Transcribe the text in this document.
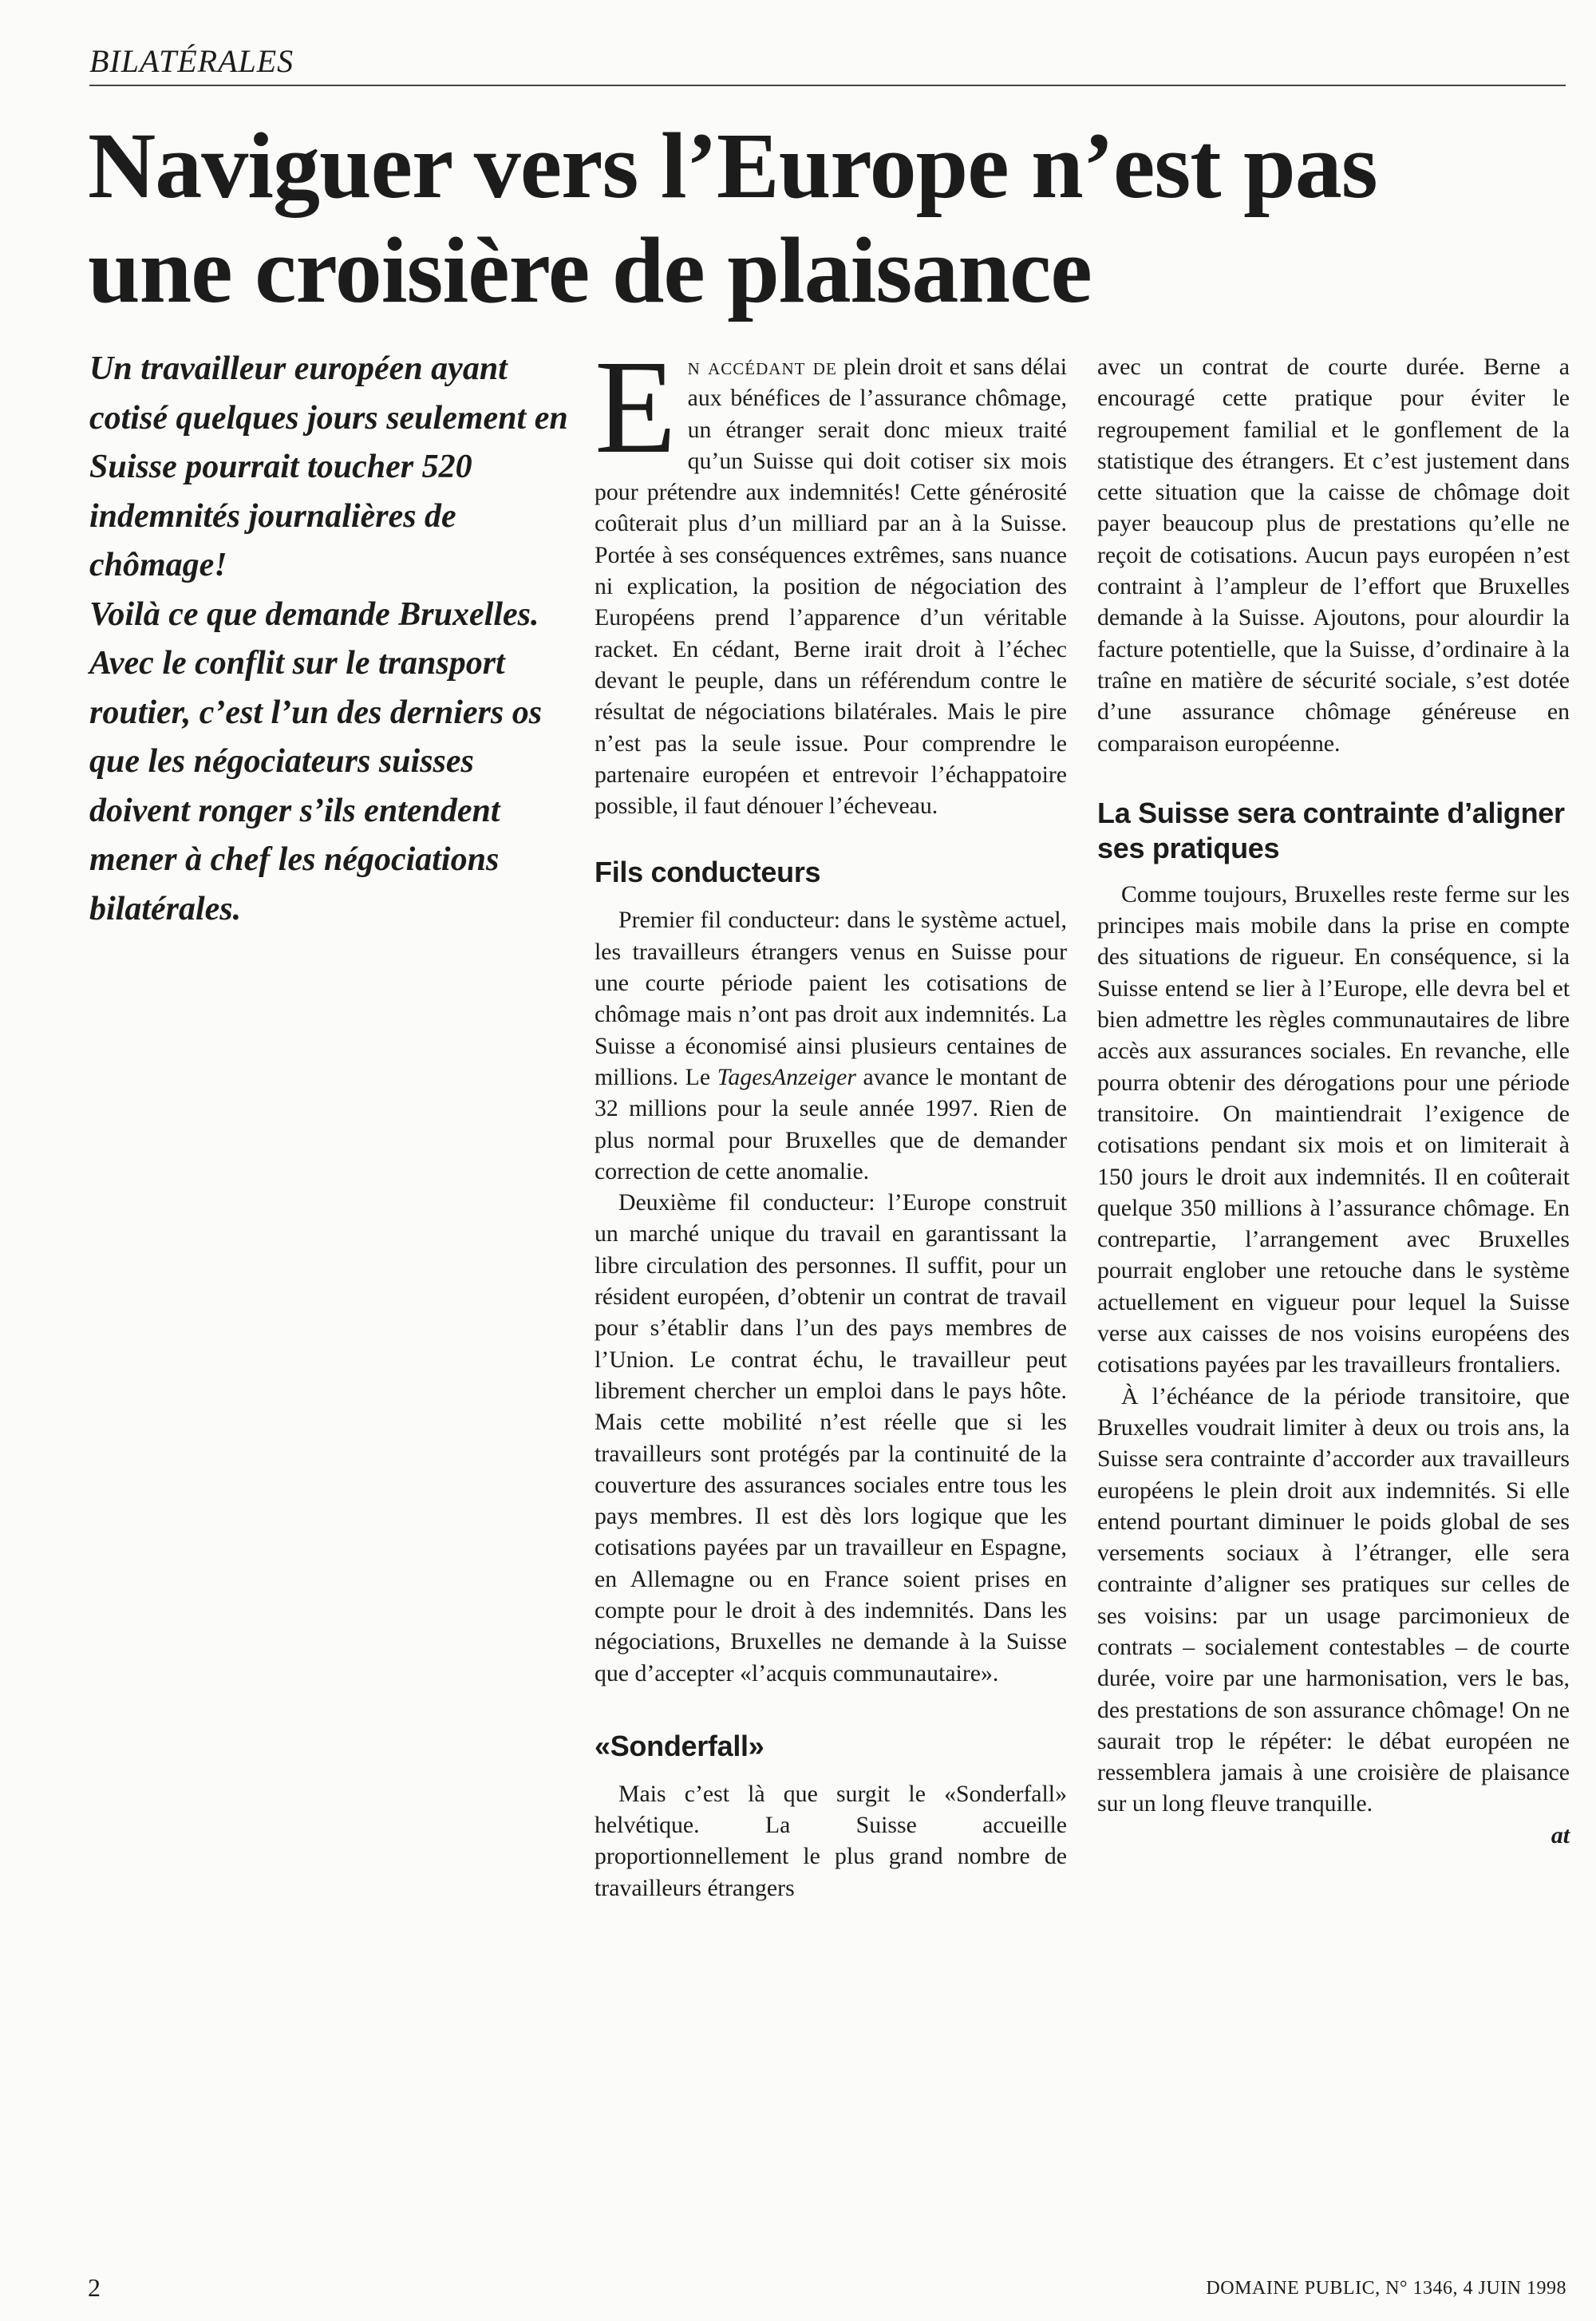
BILATÉRALES
Naviguer vers l’Europe n’est pas une croisière de plaisance

Un travailleur européen ayant cotisé quelques jours seulement en Suisse pourrait toucher 520 indemnités journalières de chômage!

Voilà ce que demande Bruxelles. Avec le conflit sur le transport routier, c’est l’un des derniers os que les négociateurs suisses doivent ronger s’ils entendent mener à chef les négociations bilatérales.

En accédant de plein droit et sans délai aux bénéfices de l’assurance chômage, un étranger serait donc mieux traité qu’un Suisse qui doit cotiser six mois pour prétendre aux indemnités! Cette générosité coûterait plus d’un milliard par an à la Suisse. Portée à ses conséquences extrêmes, sans nuance ni explication, la position de négociation des Européens prend l’apparence d’un véritable racket. En cédant, Berne irait droit à l’échec devant le peuple, dans un référendum contre le résultat de négociations bilatérales. Mais le pire n’est pas la seule issue. Pour comprendre le partenaire européen et entrevoir l’échappatoire possible, il faut dénouer l’écheveau.

Fils conducteurs

Premier fil conducteur: dans le système actuel, les travailleurs étrangers venus en Suisse pour une courte période paient les cotisations de chômage mais n’ont pas droit aux indemnités. La Suisse a économisé ainsi plusieurs centaines de millions. Le TagesAnzeiger avance le montant de 32 millions pour la seule année 1997. Rien de plus normal pour Bruxelles que de demander correction de cette anomalie.

Deuxième fil conducteur: l’Europe construit un marché unique du travail en garantissant la libre circulation des personnes. Il suffit, pour un résident européen, d’obtenir un contrat de travail pour s’établir dans l’un des pays membres de l’Union. Le contrat échu, le travailleur peut librement chercher un emploi dans le pays hôte. Mais cette mobilité n’est réelle que si les travailleurs sont protégés par la continuité de la couverture des assurances sociales entre tous les pays membres. Il est dès lors logique que les cotisations payées par un travailleur en Espagne, en Allemagne ou en France soient prises en compte pour le droit à des indemnités. Dans les négociations, Bruxelles ne demande à la Suisse que d’accepter «l’acquis communautaire».

«Sonderfall»

Mais c’est là que surgit le «Sonderfall» helvétique. La Suisse accueille proportionnellement le plus grand nombre de travailleurs étrangers

avec un contrat de courte durée. Berne a encouragé cette pratique pour éviter le regroupement familial et le gonflement de la statistique des étrangers. Et c’est justement dans cette situation que la caisse de chômage doit payer beaucoup plus de prestations qu’elle ne reçoit de cotisations. Aucun pays européen n’est contraint à l’ampleur de l’effort que Bruxelles demande à la Suisse. Ajoutons, pour alourdir la facture potentielle, que la Suisse, d’ordinaire à la traîne en matière de sécurité sociale, s’est dotée d’une assurance chômage généreuse en comparaison européenne.

La Suisse sera contrainte d’aligner ses pratiques

Comme toujours, Bruxelles reste ferme sur les principes mais mobile dans la prise en compte des situations de rigueur. En conséquence, si la Suisse entend se lier à l’Europe, elle devra bel et bien admettre les règles communautaires de libre accès aux assurances sociales. En revanche, elle pourra obtenir des dérogations pour une période transitoire. On maintiendrait l’exigence de cotisations pendant six mois et on limiterait à 150 jours le droit aux indemnités. Il en coûterait quelque 350 millions à l’assurance chômage. En contrepartie, l’arrangement avec Bruxelles pourrait englober une retouche dans le système actuellement en vigueur pour lequel la Suisse verse aux caisses de nos voisins européens des cotisations payées par les travailleurs frontaliers.

À l’échéance de la période transitoire, que Bruxelles voudrait limiter à deux ou trois ans, la Suisse sera contrainte d’accorder aux travailleurs européens le plein droit aux indemnités. Si elle entend pourtant diminuer le poids global de ses versements sociaux à l’étranger, elle sera contrainte d’aligner ses pratiques sur celles de ses voisins: par un usage parcimonieux de contrats – socialement contestables – de courte durée, voire par une harmonisation, vers le bas, des prestations de son assurance chômage! On ne saurait trop le répéter: le débat européen ne ressemblera jamais à une croisière de plaisance sur un long fleuve tranquille.

at
2	DOMAINE PUBLIC, N° 1346, 4 JUIN 1998
